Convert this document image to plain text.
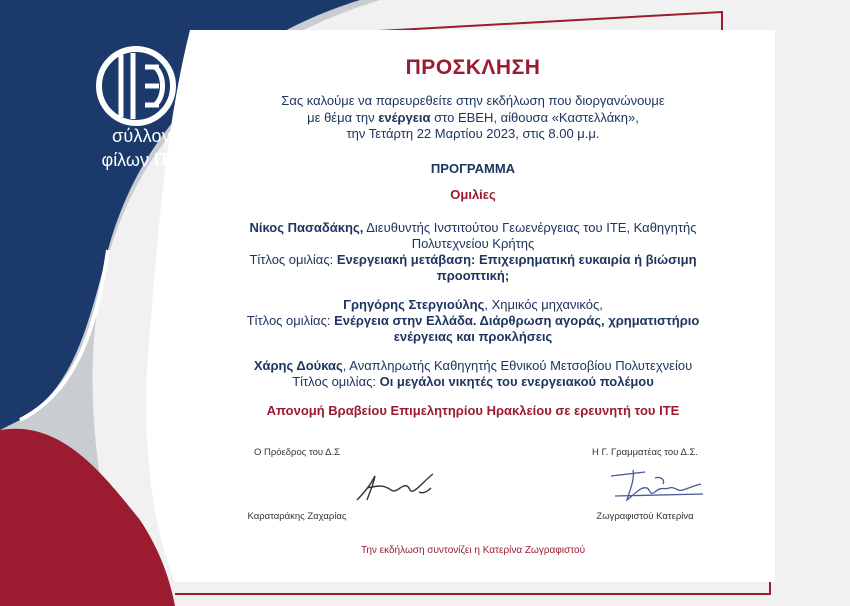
σύλλογος
φίλων ΙΤΕ
ΠΡΟΣΚΛΗΣΗ
Σας καλούμε να παρευρεθείτε στην εκδήλωση που διοργανώνουμε
με θέμα την ενέργεια στο ΕΒΕΗ, αίθουσα «Καστελλάκη»,
την Τετάρτη 22 Μαρτίου 2023, στις 8.00 μ.μ.
ΠΡΟΓΡΑΜΜΑ
Ομιλίες
Νίκος Πασαδάκης, Διευθυντής Ινστιτούτου Γεωενέργειας του ΙΤΕ, Καθηγητής Πολυτεχνείου Κρήτης
Τίτλος ομιλίας: Ενεργειακή μετάβαση: Επιχειρηματική ευκαιρία ή βιώσιμη προοπτική;
Γρηγόρης Στεργιούλης, Χημικός μηχανικός,
Τίτλος ομιλίας: Ενέργεια στην Ελλάδα. Διάρθρωση αγοράς, χρηματιστήριο ενέργειας και προκλήσεις
Χάρης Δούκας, Αναπληρωτής Καθηγητής Εθνικού Μετσοβίου Πολυτεχνείου
Τίτλος ομιλίας: Οι μεγάλοι νικητές του ενεργειακού πολέμου
Απονομή Βραβείου Επιμελητηρίου Ηρακλείου σε ερευνητή του ΙΤΕ
Ο Πρόεδρος του Δ.Σ
Καραταράκης Ζαχαρίας
Η Γ. Γραμματέας του Δ.Σ.
Ζωγραφιστού Κατερίνα
Την εκδήλωση συντονίζει η Κατερίνα Ζωγραφιστού
